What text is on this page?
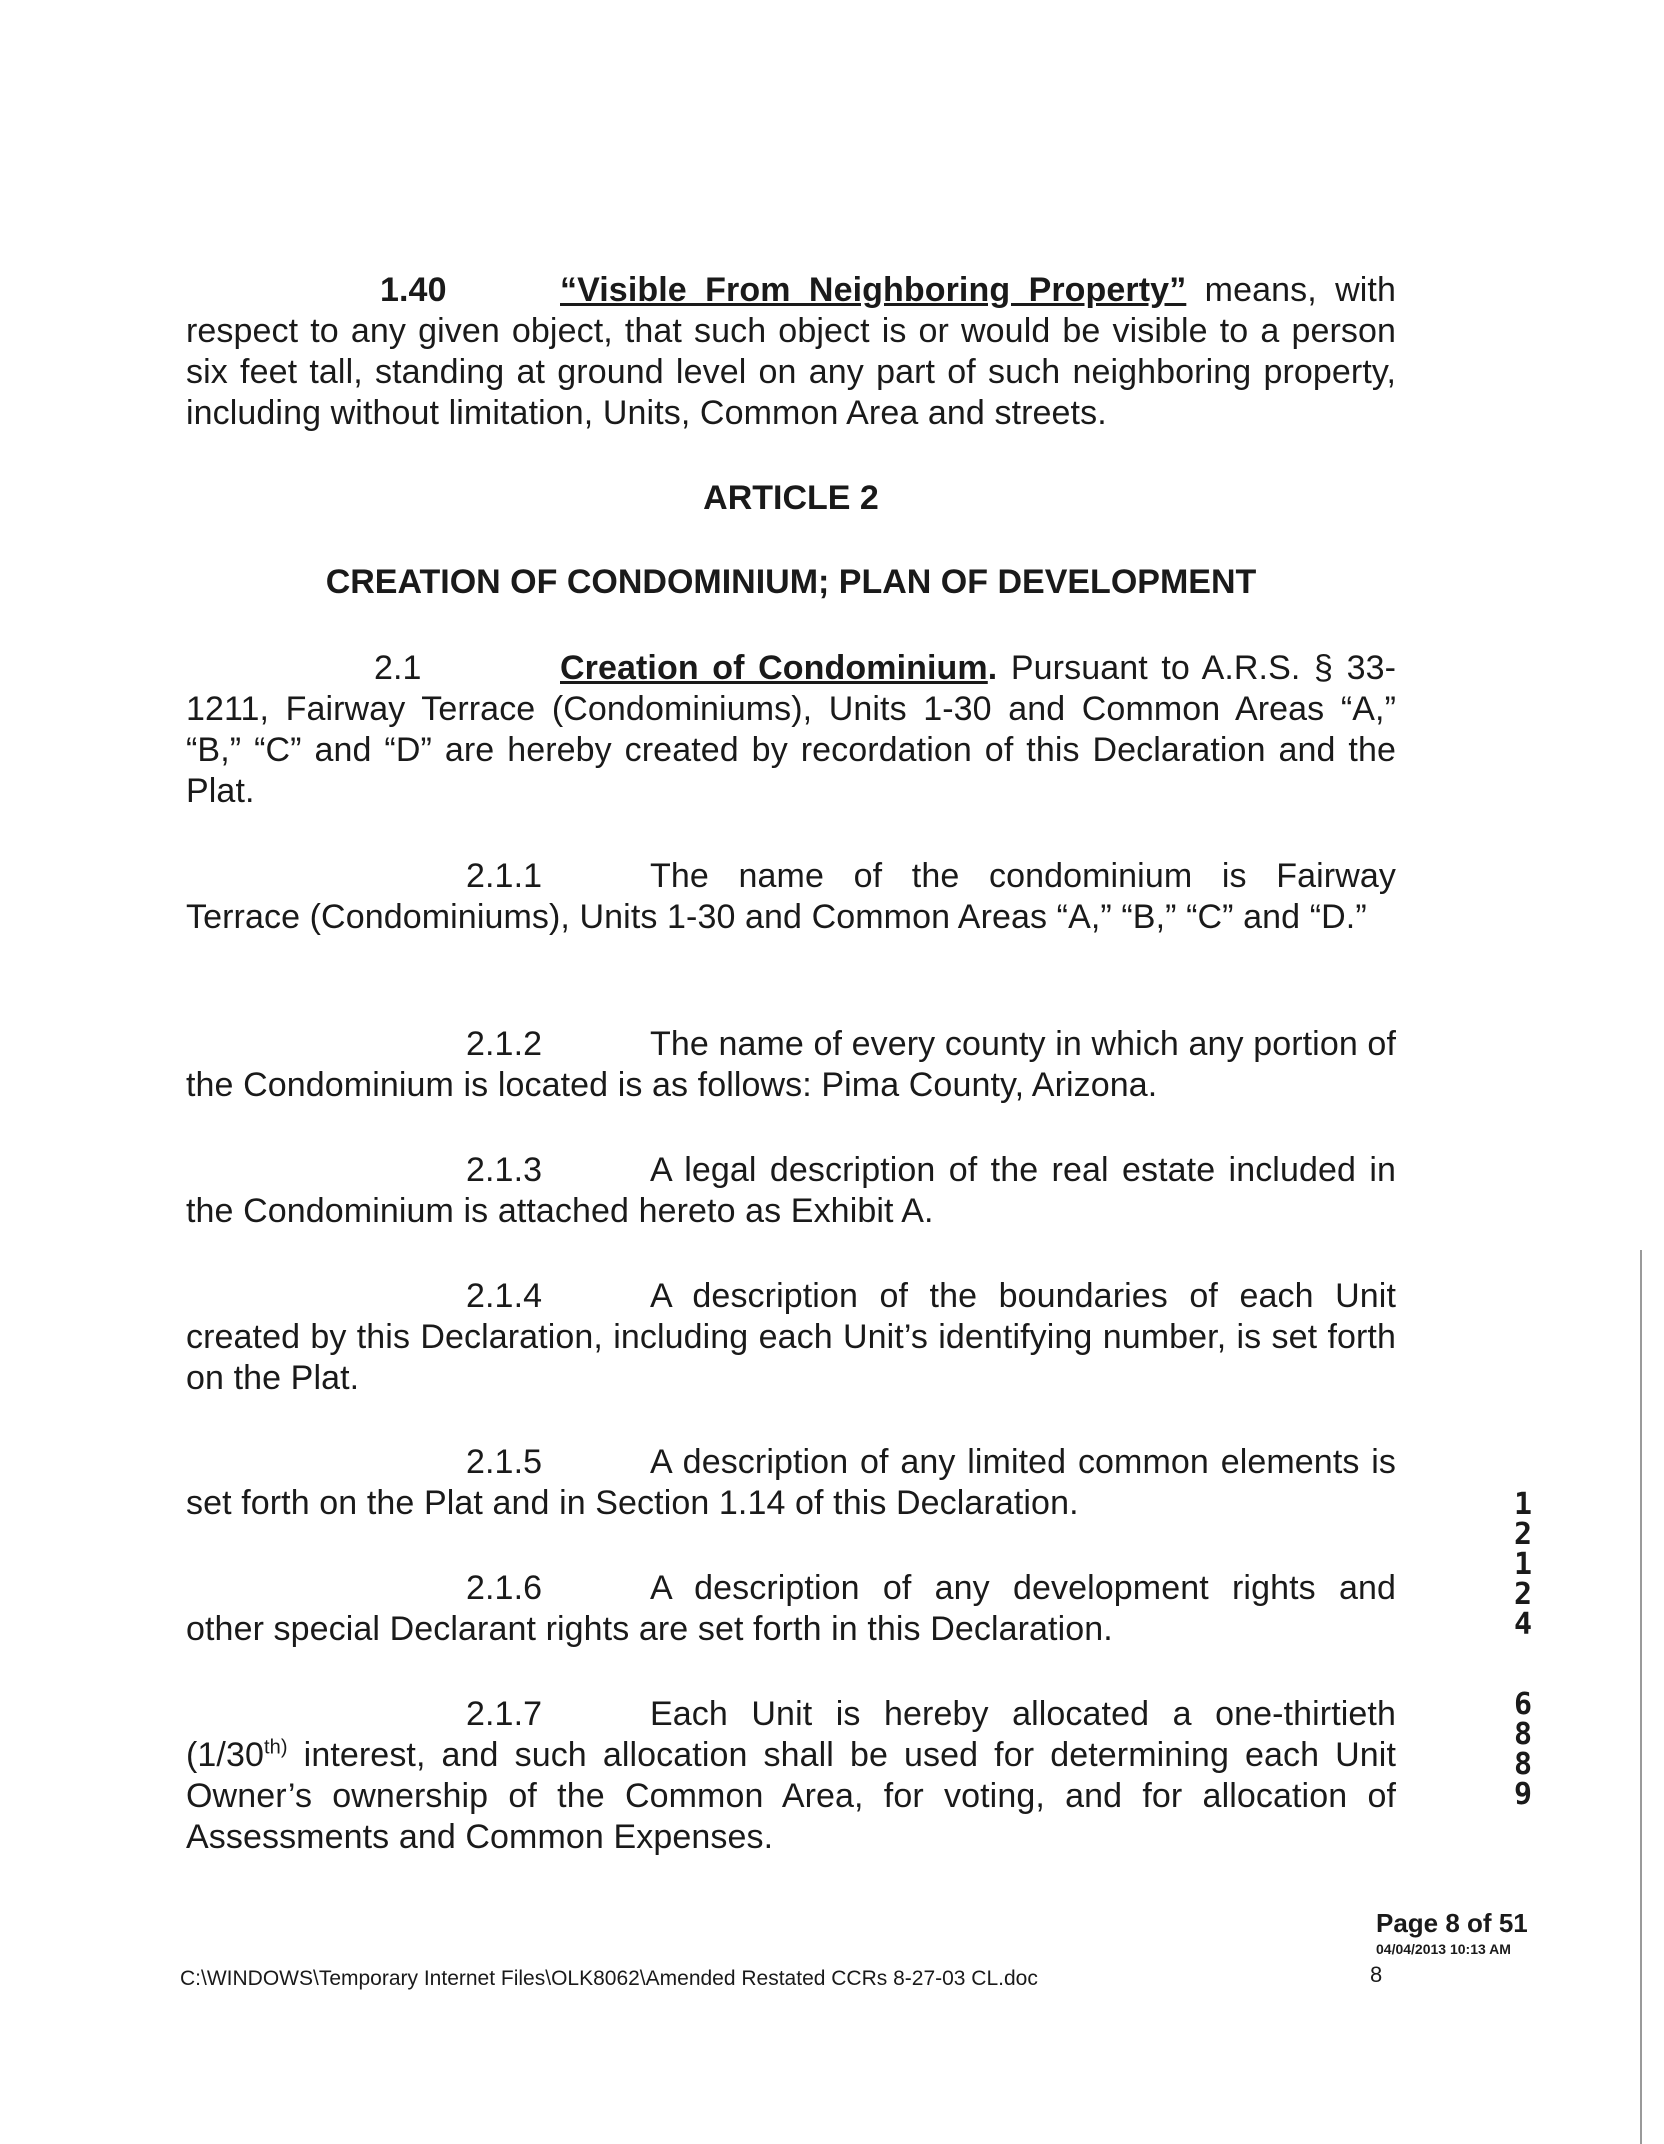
1.40	“Visible From Neighboring Property” means, with respect to any given object, that such object is or would be visible to a person six feet tall, standing at ground level on any part of such neighboring property, including without limitation, Units, Common Area and streets.
ARTICLE 2
CREATION OF CONDOMINIUM; PLAN OF DEVELOPMENT
2.1	Creation of Condominium. Pursuant to A.R.S. § 33-1211, Fairway Terrace (Condominiums), Units 1-30 and Common Areas “A,” “B,” “C” and “D” are hereby created by recordation of this Declaration and the Plat.
2.1.1	The name of the condominium is Fairway Terrace (Condominiums), Units 1-30 and Common Areas “A,” “B,” “C” and “D.”
2.1.2	The name of every county in which any portion of the Condominium is located is as follows: Pima County, Arizona.
2.1.3	A legal description of the real estate included in the Condominium is attached hereto as Exhibit A.
2.1.4	A description of the boundaries of each Unit created by this Declaration, including each Unit’s identifying number, is set forth on the Plat.
2.1.5	A description of any limited common elements is set forth on the Plat and in Section 1.14 of this Declaration.
2.1.6	A description of any development rights and other special Declarant rights are set forth in this Declaration.
2.1.7	Each Unit is hereby allocated a one-thirtieth ($1/30^{th)}$ interest, and such allocation shall be used for determining each Unit Owner’s ownership of the Common Area, for voting, and for allocation of Assessments and Common Expenses.
1
2
1
2
4
6
8
8
9
Page 8 of 51
04/04/2013 10:13 AM
8
C:\WINDOWS\Temporary Internet Files\OLK8062\Amended Restated CCRs 8-27-03 CL.doc
